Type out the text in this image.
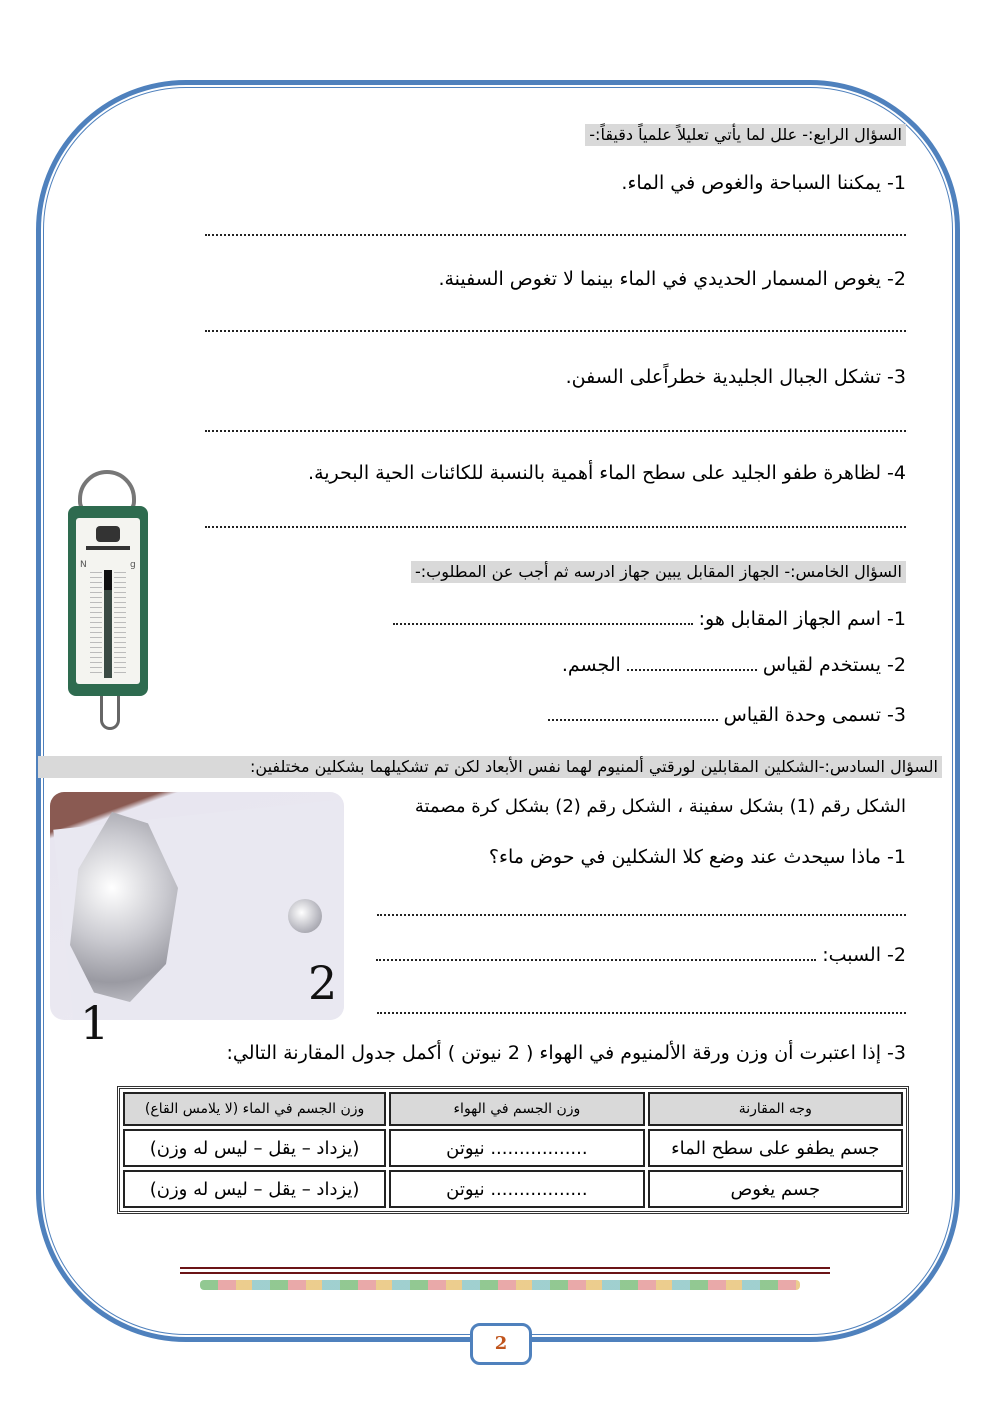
السؤال الرابع:- علل لما يأتي تعليلاً علمياً دقيقاً:-
1- يمكننا السباحة والغوص في الماء.
2- يغوص المسمار الحديدي في الماء بينما لا تغوص السفينة.
3- تشكل الجبال الجليدية خطراًعلى السفن.
4- لظاهرة طفو الجليد على سطح الماء أهمية بالنسبة للكائنات الحية البحرية.
السؤال الخامس:- الجهاز المقابل يبين جهاز ادرسه ثم أجب عن المطلوب:-
1- اسم الجهاز المقابل هو:
2- يستخدم لقياس  الجسم.
3- تسمى وحدة القياس
N	g
السؤال السادس:-الشكلين المقابلين لورقتي ألمنيوم لهما نفس الأبعاد لكن تم تشكيلهما بشكلين مختلفين:
الشكل رقم (1) بشكل سفينة ، الشكل رقم (2) بشكل كرة مصمتة
1- ماذا سيحدث عند وضع كلا الشكلين في حوض ماء؟
2- السبب:
2
1
3- إذا اعتبرت أن وزن ورقة الألمنيوم في الهواء ( 2 نيوتن ) أكمل جدول المقارنة التالي:
وجه المقارنة	وزن الجسم في الهواء	وزن الجسم في الماء (لا يلامس القاع)
جسم يطفو على سطح الماء	................. نيوتن	(يزداد – يقل – ليس له وزن)
جسم يغوص	................. نيوتن	(يزداد – يقل – ليس له وزن)
2
